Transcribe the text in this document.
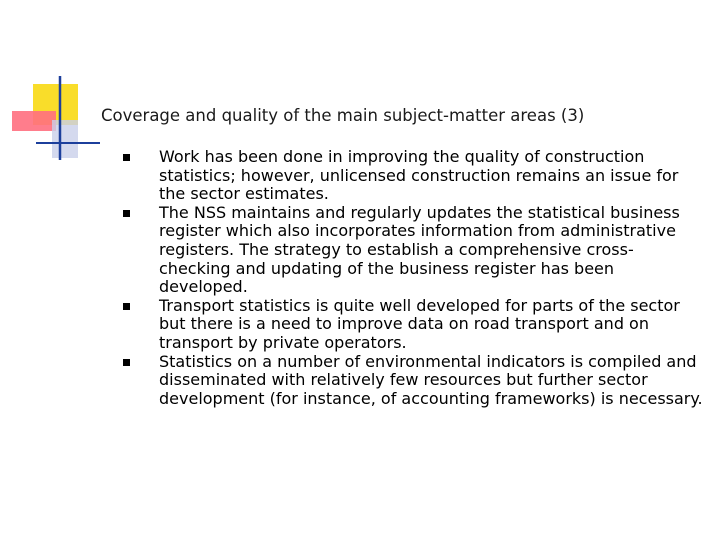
Coverage and quality of the main subject-matter areas (3)
Work has been done in improving the quality of construction statistics; however, unlicensed construction remains an issue for the sector estimates.
The NSS maintains and regularly updates the statistical business register which also incorporates information from administrative registers. The strategy to establish a comprehensive cross-checking and updating of the business register has been developed.
Transport statistics is quite well developed for parts of the sector but there is a need to improve data on road transport and on transport by private operators.
Statistics on a number of environmental indicators is compiled and disseminated with relatively few resources but further sector development (for instance, of accounting frameworks) is necessary.
